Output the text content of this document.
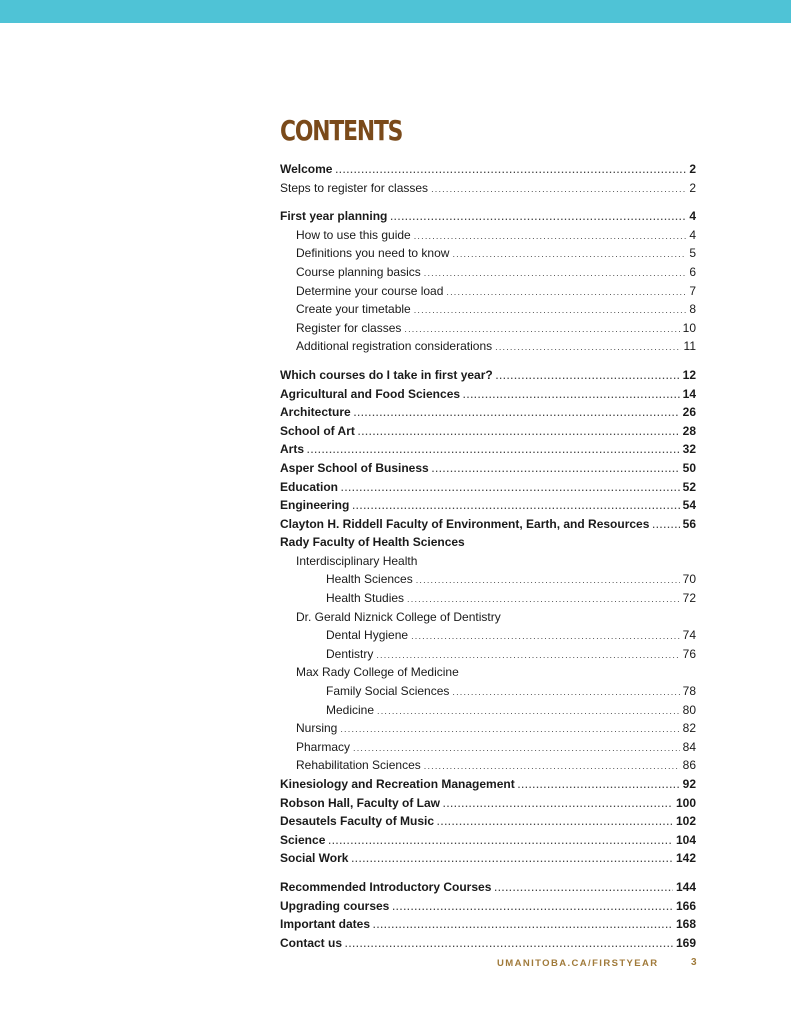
CONTENTS
Welcome .....	2
Steps to register for classes .....	2
First year planning .....	4
How to use this guide .....	4
Definitions you need to know .....	5
Course planning basics .....	6
Determine your course load .....	7
Create your timetable .....	8
Register for classes .....	10
Additional registration considerations .....	11
Which courses do I take in first year? .....	12
Agricultural and Food Sciences .....	14
Architecture .....	26
School of Art .....	28
Arts .....	32
Asper School of Business .....	50
Education .....	52
Engineering .....	54
Clayton H. Riddell Faculty of Environment, Earth, and Resources .....	56
Rady Faculty of Health Sciences
Interdisciplinary Health
Health Sciences .....	70
Health Studies .....	72
Dr. Gerald Niznick College of Dentistry
Dental Hygiene .....	74
Dentistry .....	76
Max Rady College of Medicine
Family Social Sciences .....	78
Medicine .....	80
Nursing .....	82
Pharmacy .....	84
Rehabilitation Sciences .....	86
Kinesiology and Recreation Management .....	92
Robson Hall, Faculty of Law .....	100
Desautels Faculty of Music .....	102
Science .....	104
Social Work .....	142
Recommended Introductory Courses .....	144
Upgrading courses .....	166
Important dates .....	168
Contact us .....	169
UMANITOBA.CA/FIRSTYEAR	3
